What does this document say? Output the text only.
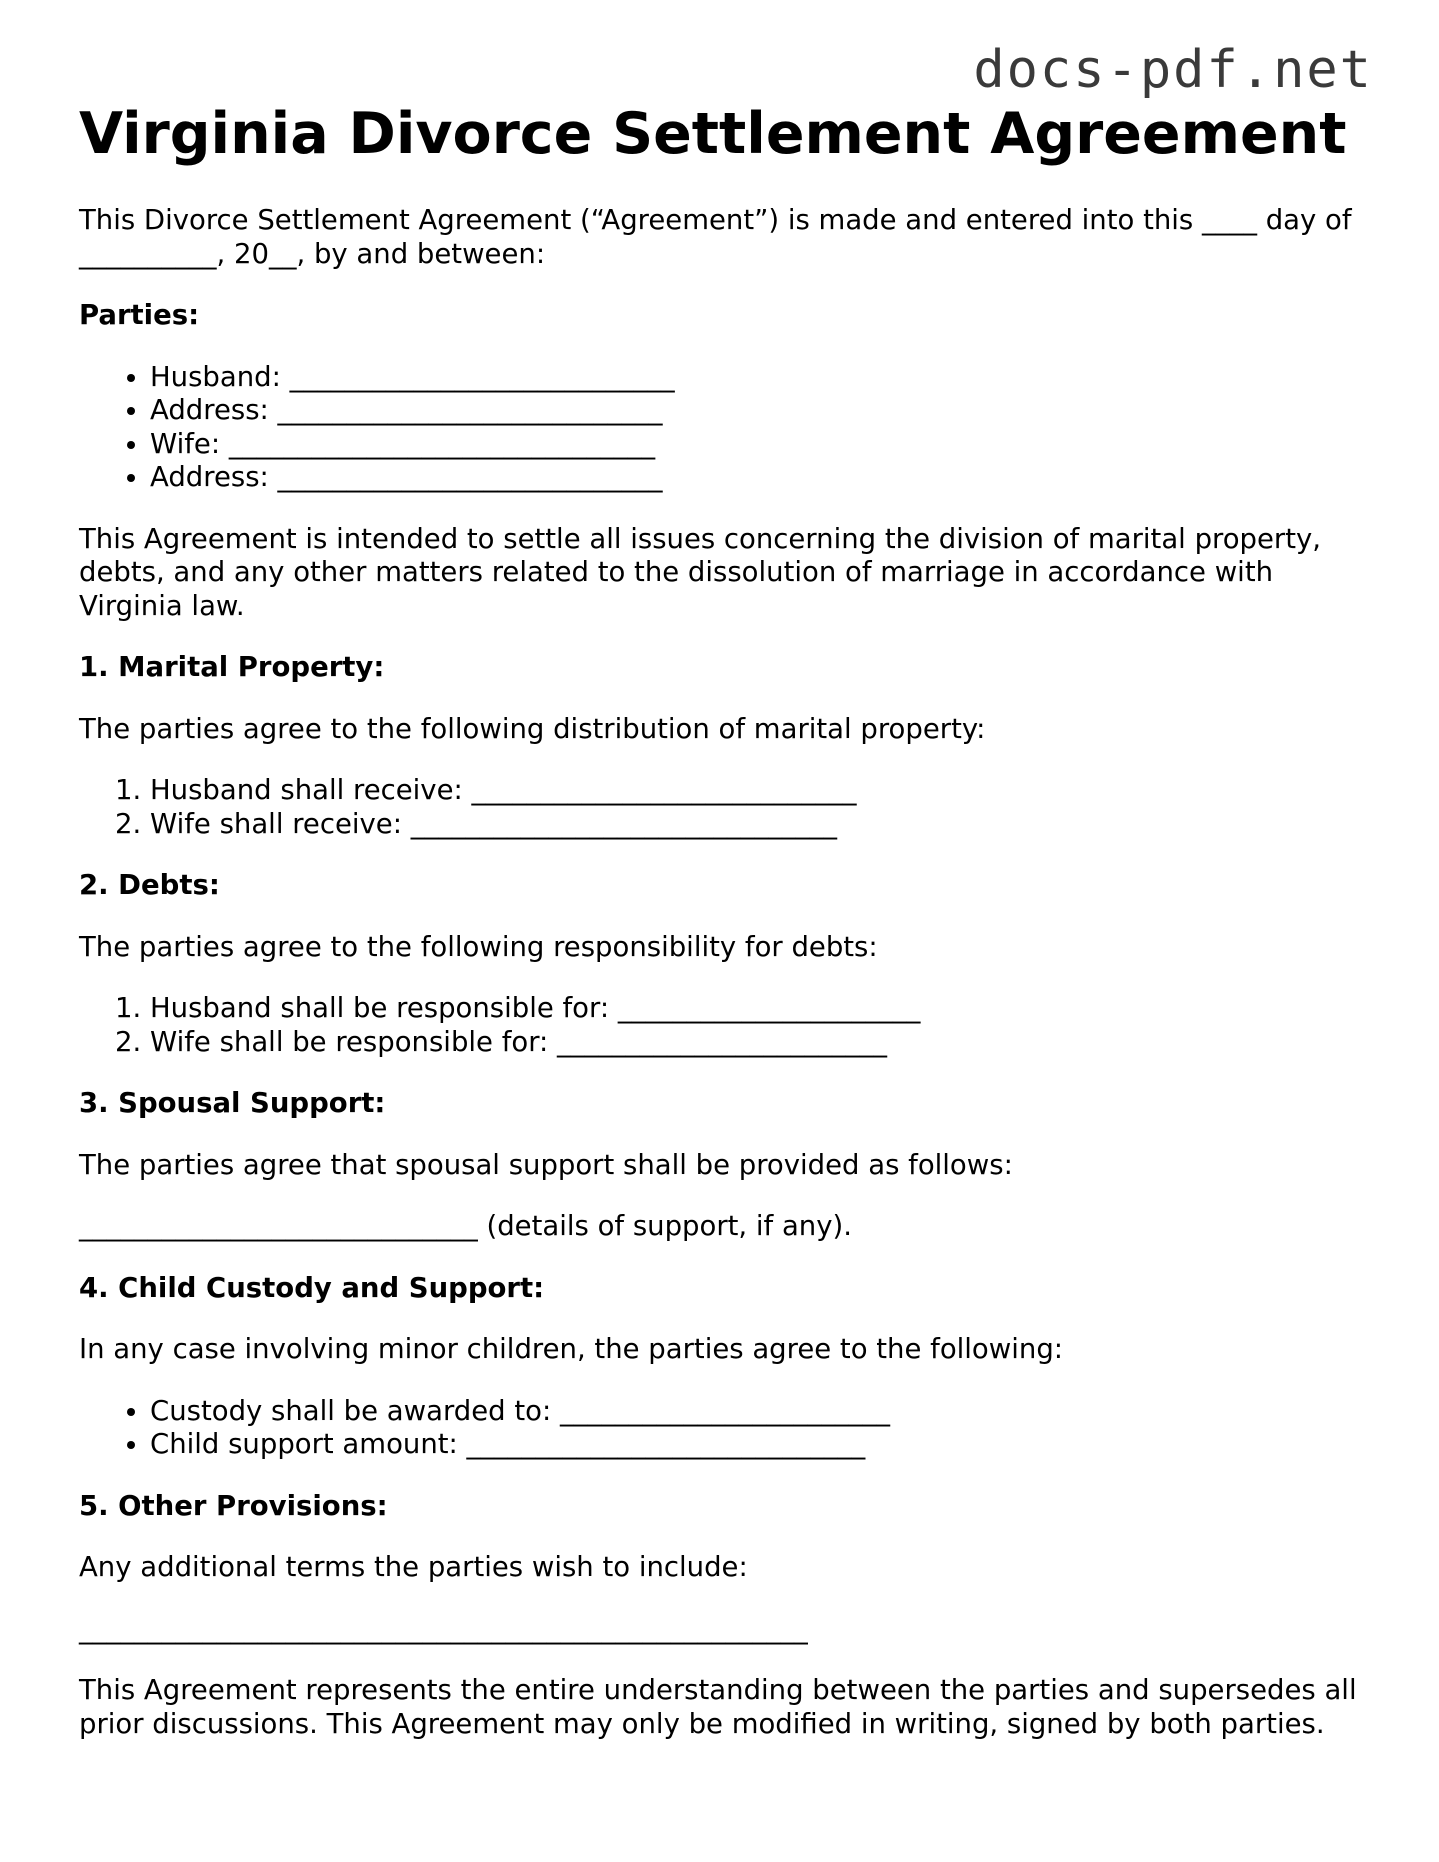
docs-pdf.net
Virginia Divorce Settlement Agreement

This Divorce Settlement Agreement (“Agreement”) is made and entered into this ____ day of __________, 20__, by and between:

Parties:
• Husband: ____________________________
• Address: ____________________________
• Wife: _______________________________
• Address: ____________________________

This Agreement is intended to settle all issues concerning the division of marital property, debts, and any other matters related to the dissolution of marriage in accordance with Virginia law.

1. Marital Property:

The parties agree to the following distribution of marital property:

1. Husband shall receive: ____________________________
2. Wife shall receive: _______________________________
2. Debts:

The parties agree to the following responsibility for debts:

1. Husband shall be responsible for: ______________________
2. Wife shall be responsible for: ________________________
3. Spousal Support:

The parties agree that spousal support shall be provided as follows:

_____________________________ (details of support, if any).

4. Child Custody and Support:

In any case involving minor children, the parties agree to the following:

• Custody shall be awarded to: ________________________
• Child support amount: _____________________________
5. Other Provisions:

Any additional terms the parties wish to include:

_____________________________________________________

This Agreement represents the entire understanding between the parties and supersedes all prior discussions. This Agreement may only be modified in writing, signed by both parties.
